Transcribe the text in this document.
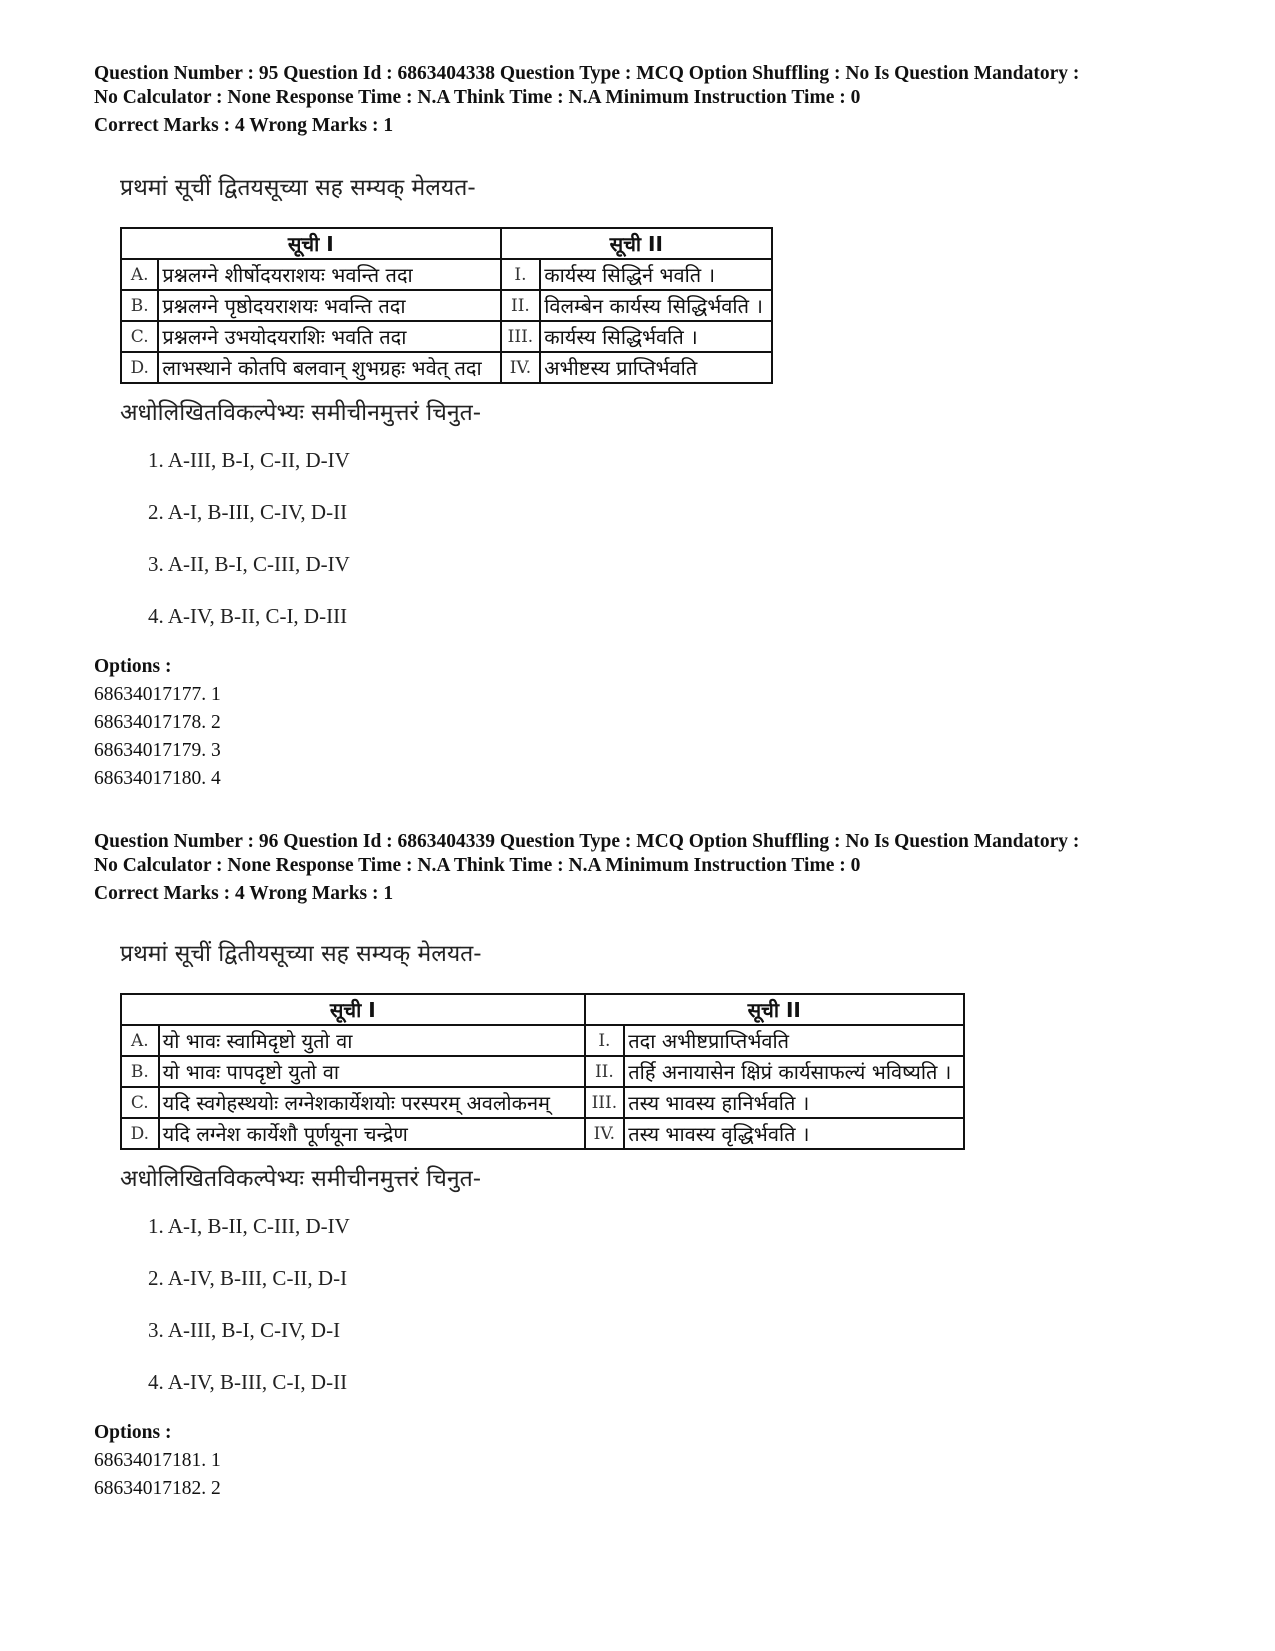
Question Number : 95 Question Id : 6863404338 Question Type : MCQ Option Shuffling : No Is Question Mandatory :
No Calculator : None Response Time : N.A Think Time : N.A Minimum Instruction Time : 0
Correct Marks : 4 Wrong Marks : 1
प्रथमां सूचीं द्वितयसूच्या सह सम्यक् मेलयत-
सूची I		सूची II	
A.	प्रश्नलग्ने शीर्षोदयराशयः भवन्ति तदा	I.	कार्यस्य सिद्धिर्न भवति ।
B.	प्रश्नलग्ने पृष्ठोदयराशयः भवन्ति तदा	II.	विलम्बेन कार्यस्य सिद्धिर्भवति ।
C.	प्रश्नलग्ने उभयोदयराशिः भवति तदा	III.	कार्यस्य सिद्धिर्भवति ।
D.	लाभस्थाने कोतपि बलवान् शुभग्रहः भवेत् तदा	IV.	अभीष्टस्य प्राप्तिर्भवति
अधोलिखितविकल्पेभ्यः समीचीनमुत्तरं चिनुत-
1. A-III, B-I, C-II, D-IV
2. A-I, B-III, C-IV, D-II
3. A-II, B-I, C-III, D-IV
4. A-IV, B-II, C-I, D-III
Options :
68634017177. 1
68634017178. 2
68634017179. 3
68634017180. 4
Question Number : 96 Question Id : 6863404339 Question Type : MCQ Option Shuffling : No Is Question Mandatory :
No Calculator : None Response Time : N.A Think Time : N.A Minimum Instruction Time : 0
Correct Marks : 4 Wrong Marks : 1
प्रथमां सूचीं द्वितीयसूच्या सह सम्यक् मेलयत-
सूची I		सूची II	
A.	यो भावः स्वामिदृष्टो युतो वा	I.	तदा अभीष्टप्राप्तिर्भवति
B.	यो भावः पापदृष्टो युतो वा	II.	तर्हि अनायासेन क्षिप्रं कार्यसाफल्यं भविष्यति ।
C.	यदि स्वगेहस्थयोः लग्नेशकार्येशयोः परस्परम् अवलोकनम्	III.	तस्य भावस्य हानिर्भवति ।
D.	यदि लग्नेश कार्येशौ पूर्णयूना चन्द्रेण	IV.	तस्य भावस्य वृद्धिर्भवति ।
अधोलिखितविकल्पेभ्यः समीचीनमुत्तरं चिनुत-
1. A-I, B-II, C-III, D-IV
2. A-IV, B-III, C-II, D-I
3. A-III, B-I, C-IV, D-I
4. A-IV, B-III, C-I, D-II
Options :
68634017181. 1
68634017182. 2
